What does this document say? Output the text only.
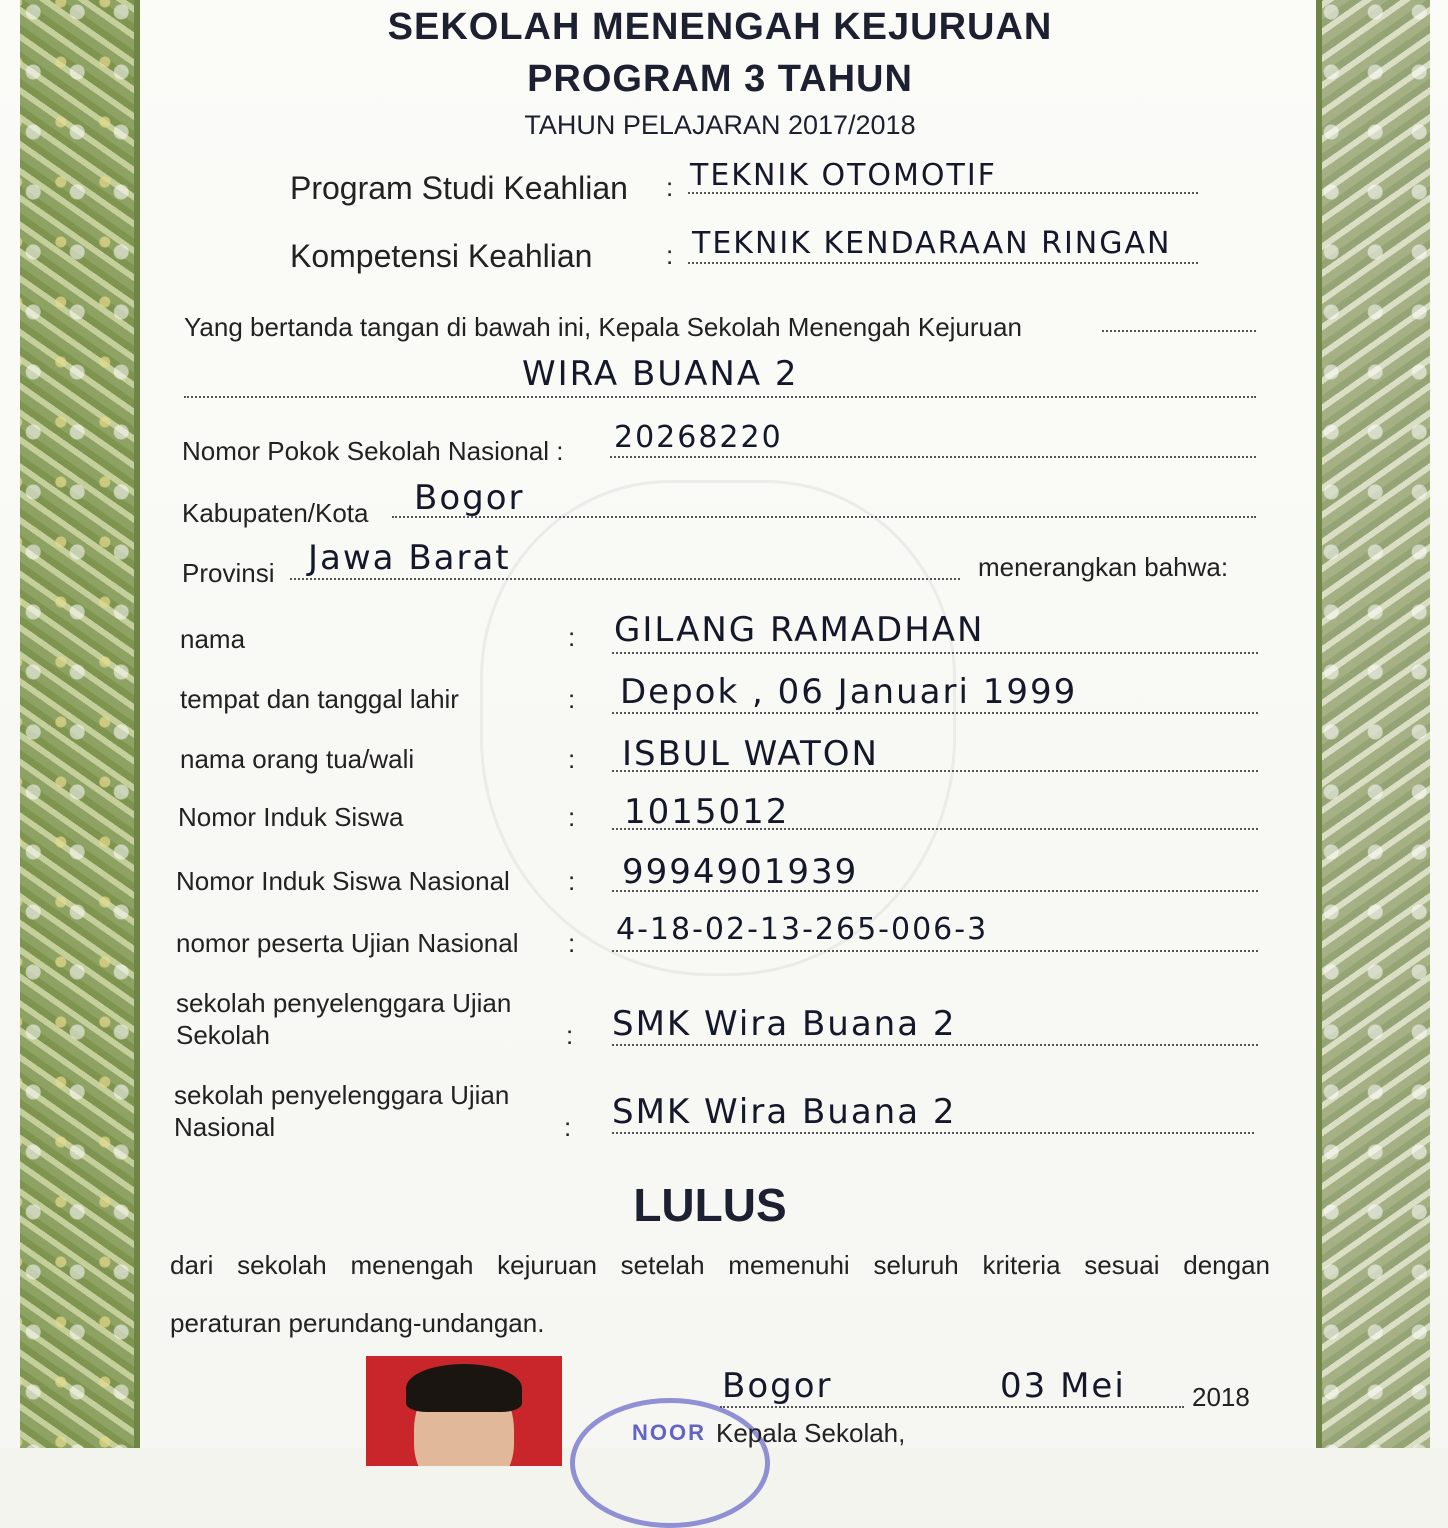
SEKOLAH MENENGAH KEJURUAN
PROGRAM 3 TAHUN
TAHUN PELAJARAN 2017/2018
Program Studi Keahlian : TEKNIK OTOMOTIF
Kompetensi Keahlian	: TEKNIK KENDARAAN RINGAN
Yang bertanda tangan di bawah ini, Kepala Sekolah Menengah Kejuruan
WIRA BUANA 2
Nomor Pokok Sekolah Nasional : 20268220
Kabupaten/Kota Bogor
Provinsi Jawa Barat	menerangkan bahwa:
nama	: GILANG RAMADHAN
tempat dan tanggal lahir	: Depok , 06 Januari 1999
nama orang tua/wali	: ISBUL WATON
Nomor Induk Siswa	: 1015012
Nomor Induk Siswa Nasional : 9994901939
nomor peserta Ujian Nasional : 4-18-02-13-265-006-3
sekolah penyelenggara Ujian
Sekolah	: SMK Wira Buana 2
sekolah penyelenggara Ujian
Nasional	: SMK Wira Buana 2
LULUS
dari sekolah menengah kejuruan setelah memenuhi seluruh kriteria sesuai dengan
peraturan perundang-undangan.
NOOR
Bogor	03 Mei	2018
Kepala Sekolah,
